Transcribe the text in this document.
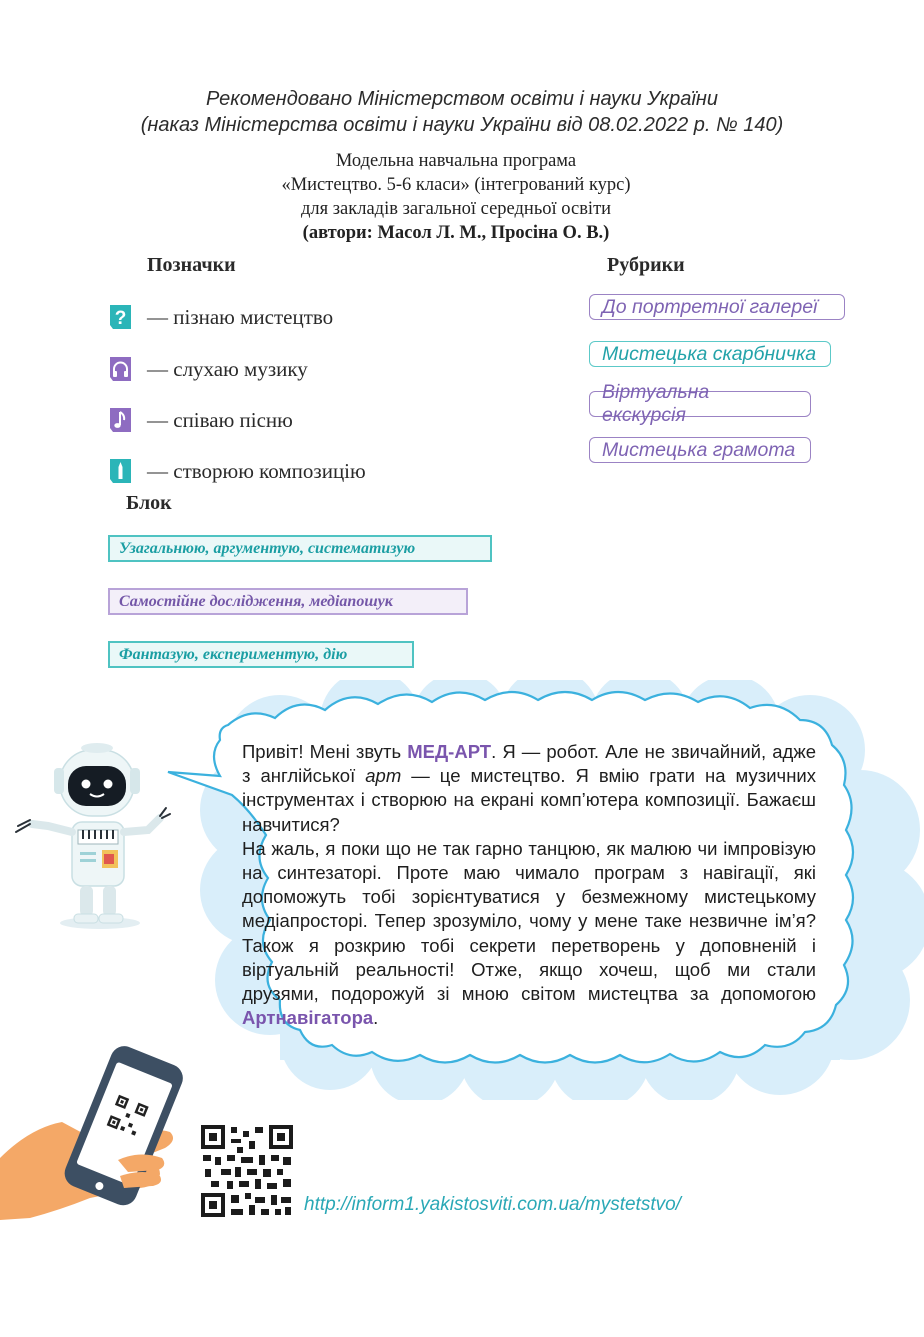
Рекомендовано Міністерством освіти і науки України
(наказ Міністерства освіти і науки України від 08.02.2022 р. № 140)
Модельна навчальна програма
«Мистецтво. 5-6 класи» (інтегрований курс)
для закладів загальної середньої освіти
(автори: Масол Л. М., Просіна О. В.)
Позначки
? — пізнаю мистецтво
— слухаю музику
— співаю пісню
— створюю композицію
Рубрики
До портретної галереї
Мистецька скарбничка
Віртуальна екскурсія
Мистецька грамота
Блок
Узагальнюю, аргументую, систематизую
Самостійне дослідження, медіапошук
Фантазую, експериментую, дію

Привіт! Мені звуть МЕД-АРТ. Я — робот. Але не звичайний, адже з англійської арт — це мистецтво. Я вмію грати на музичних інструментах і створюю на екрані комп’ютера композиції. Бажаєш навчитися?

На жаль, я поки що не так гарно танцюю, як малюю чи імпровізую на синтезаторі. Проте маю чимало програм з навігації, які допоможуть тобі зорієнтуватися у безмежному мистецькому медіапросторі. Тепер зрозуміло, чому у мене таке незвичне ім’я? Також я розкрию тобі секрети перетворень у доповненій і віртуальній реальності! Отже, якщо хочеш, щоб ми стали друзями, подорожуй зі мною світом мистецтва за допомогою Артнавігатора.

http://inform1.yakistosviti.com.ua/mystetstvo/
